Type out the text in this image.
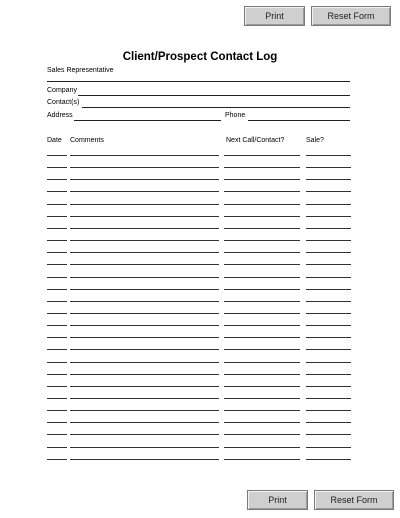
Print	Reset Form
Client/Prospect Contact Log
Sales Representative
Company
Contact(s)
Address	Phone
Date Comments	Next Call/Contact?	Sale?
Print	Reset Form
